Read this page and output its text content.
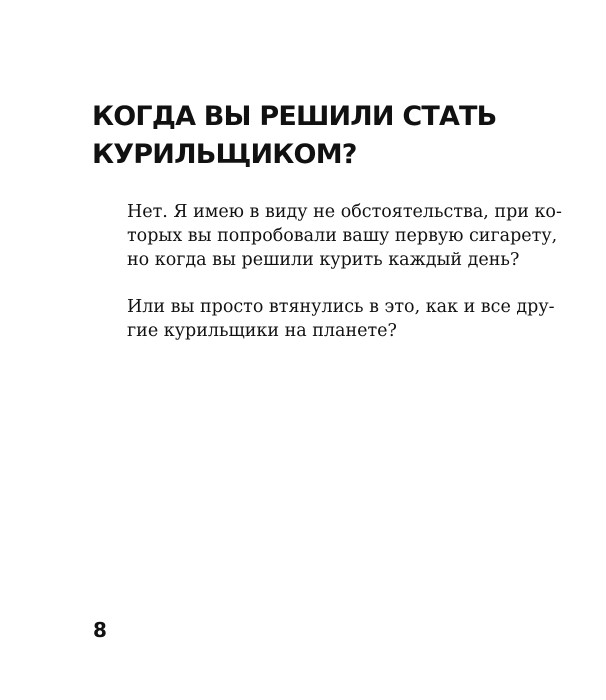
КОГДА ВЫ РЕШИЛИ СТАТЬ
КУРИЛЬЩИКОМ?

Нет. Я имею в виду не обстоятельства, при ко-
торых вы попробовали вашу первую сигарету,
но когда вы решили курить каждый день?

Или вы просто втянулись в это, как и все дру-
гие курильщики на планете?

8
